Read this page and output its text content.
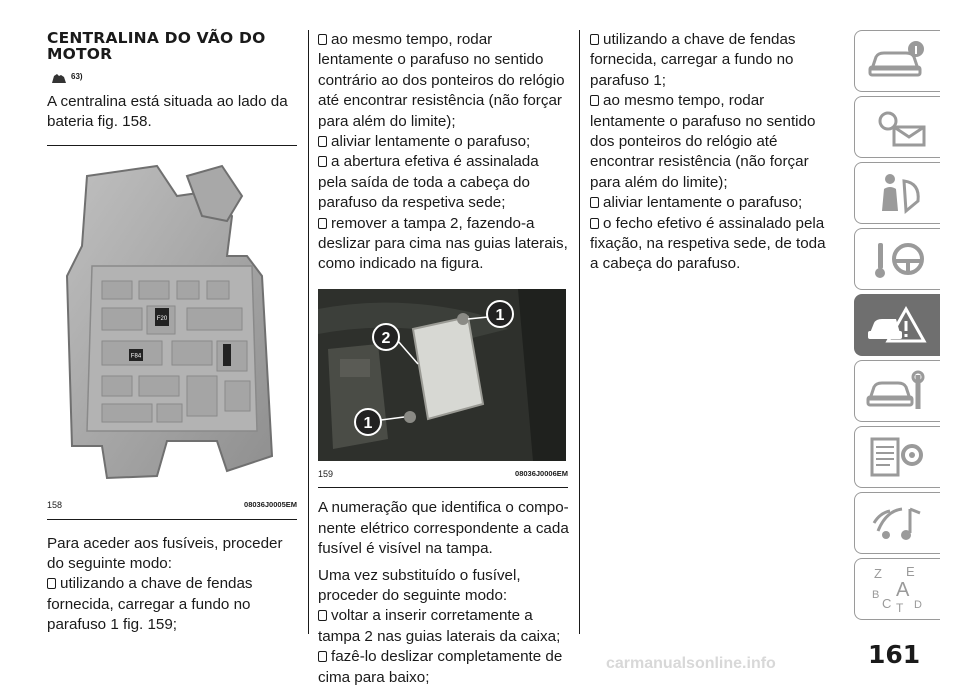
CENTRALINA DO VÃO DO MOTOR
63)

A centralina está situada ao lado da bateria fig. 158.

F20
F84
158	08036J0005EM

Para aceder aos fusíveis, proceder do seguinte modo:

utilizando a chave de fendas fornecida, carregar a fundo no parafuso 1 fig. 159;

ao mesmo tempo, rodar lentamente o parafuso no sentido contrário ao dos ponteiros do relógio até encontrar resistência (não forçar para além do limite);

aliviar lentamente o parafuso;

a abertura efetiva é assinalada pela saída de toda a cabeça do parafuso da respetiva sede;

remover a tampa 2, fazendo-a deslizar para cima nas guias laterais, como indicado na figura.

1
2
1
159	08036J0006EM

A numeração que identifica o compo-nente elétrico correspondente a cada fusível é visível na tampa.

Uma vez substituído o fusível, proceder do seguinte modo:

voltar a inserir corretamente a tampa 2 nas guias laterais da caixa;

fazê-lo deslizar completamente de cima para baixo;

utilizando a chave de fendas fornecida, carregar a fundo no parafuso 1;

ao mesmo tempo, rodar lentamente o parafuso no sentido dos ponteiros do relógio até encontrar resistência (não forçar para além do limite);

aliviar lentamente o parafuso;

o fecho efetivo é assinalado pela fixação, na respetiva sede, de toda a cabeça do parafuso.

Z E
B A
C T D
161
carmanualsonline.info
